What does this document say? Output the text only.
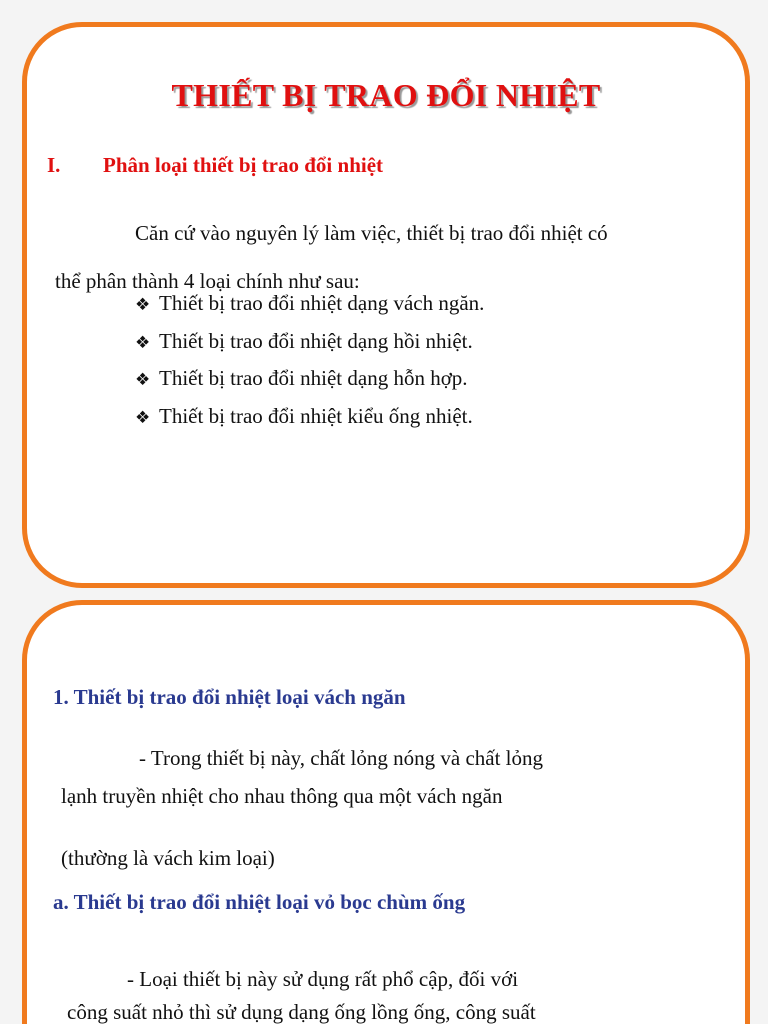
THIẾT BỊ TRAO ĐỔI NHIỆT
I. Phân loại thiết bị trao đổi nhiệt
Căn cứ vào nguyên lý làm việc, thiết bị trao đổi nhiệt có
thể phân thành 4 loại chính như sau:
❖ Thiết bị trao đổi nhiệt dạng vách ngăn.
❖ Thiết bị trao đổi nhiệt dạng hồi nhiệt.
❖ Thiết bị trao đổi nhiệt dạng hỗn hợp.
❖ Thiết bị trao đổi nhiệt kiểu ống nhiệt.
1. Thiết bị trao đổi nhiệt loại vách ngăn
- Trong thiết bị này, chất lỏng nóng và chất lỏng
lạnh truyền nhiệt cho nhau thông qua một vách ngăn
(thường là vách kim loại)
a. Thiết bị trao đổi nhiệt loại vỏ bọc chùm ống
- Loại thiết bị này sử dụng rất phổ cập, đối với
công suất nhỏ thì sử dụng dạng ống lồng ống, công suất
